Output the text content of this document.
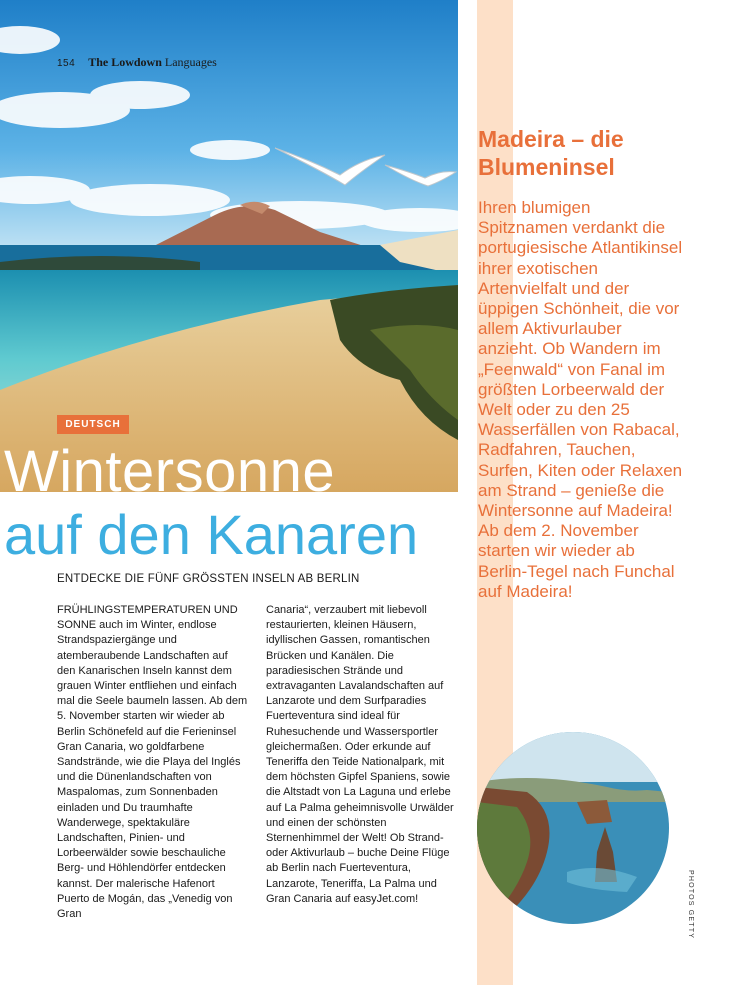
154 The Lowdown Languages
DEUTSCH
Wintersonne
auf den Kanaren
ENTDECKE DIE FÜNF GRÖSSTEN INSELN AB BERLIN
FRÜHLINGSTEMPERATUREN UND SONNE auch im Winter, endlose Strandspaziergänge und atemberaubende Landschaften auf den Kanarischen Inseln kannst dem grauen Winter entfliehen und einfach mal die Seele baumeln lassen. Ab dem 5. November starten wir wieder ab Berlin Schönefeld auf die Ferieninsel Gran Canaria, wo goldfarbene Sandstrände, wie die Playa del Inglés und die Dünenlandschaften von Maspalomas, zum Sonnenbaden einladen und Du traumhafte Wanderwege, spektakuläre Landschaften, Pinien- und Lorbeerwälder sowie beschauliche Berg- und Höhlendörfer entdecken kannst. Der malerische Hafenort Puerto de Mogán, das „Venedig von Gran
Canaria“, verzaubert mit liebevoll restaurierten, kleinen Häusern, idyllischen Gassen, romantischen Brücken und Kanälen. Die paradiesischen Strände und extravaganten Lavalandschaften auf Lanzarote und dem Surfparadies Fuerteventura sind ideal für Ruhesuchende und Wassersportler gleichermaßen. Oder erkunde auf Teneriffa den Teide Nationalpark, mit dem höchsten Gipfel Spaniens, sowie die Altstadt von La Laguna und erlebe auf La Palma geheimnisvolle Urwälder und einen der schönsten Sternenhimmel der Welt! Ob Strand- oder Aktivurlaub – buche Deine Flüge ab Berlin nach Fuerteventura, Lanzarote, Teneriffa, La Palma und Gran Canaria auf easyJet.com!
Madeira – die Blumeninsel
Ihren blumigen Spitznamen verdankt die portugiesische Atlantikinsel ihrer exotischen Artenvielfalt und der üppigen Schönheit, die vor allem Aktivurlauber anzieht. Ob Wandern im „Feenwald“ von Fanal im größten Lorbeerwald der Welt oder zu den 25 Wasserfällen von Rabacal, Radfahren, Tauchen, Surfen, Kiten oder Relaxen am Strand – genieße die Wintersonne auf Madeira! Ab dem 2. November starten wir wieder ab Berlin-Tegel nach Funchal auf Madeira!
PHOTOS GETTY
